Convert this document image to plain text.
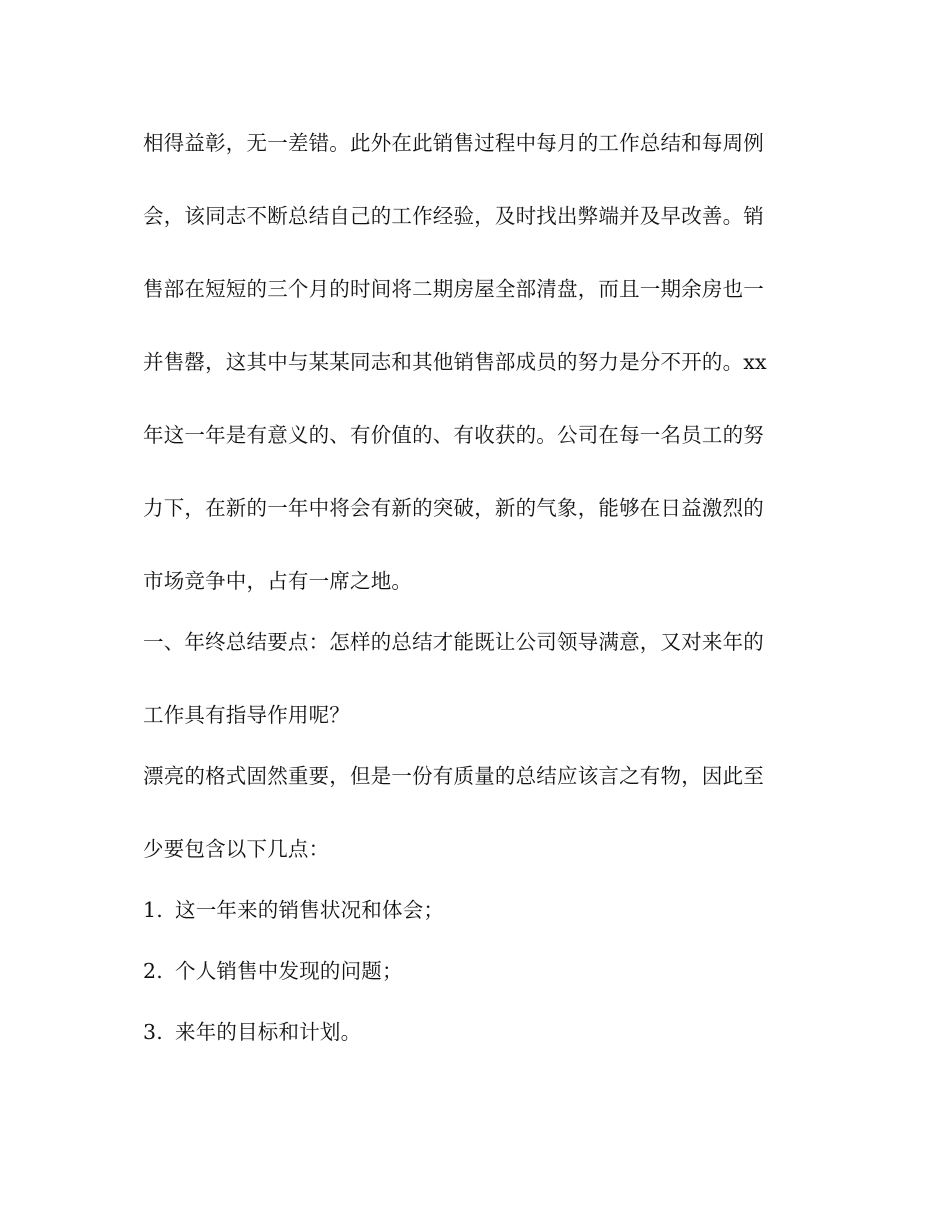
相得益彰，无一差错。此外在此销售过程中每月的工作总结和每周例
会，该同志不断总结自己的工作经验，及时找出弊端并及早改善。销
售部在短短的三个月的时间将二期房屋全部清盘，而且一期余房也一
并售罄，这其中与某某同志和其他销售部成员的努力是分不开的。xx
年这一年是有意义的、有价值的、有收获的。公司在每一名员工的努
力下，在新的一年中将会有新的突破，新的气象，能够在日益激烈的
市场竞争中，占有一席之地。
一、年终总结要点：怎样的总结才能既让公司领导满意，又对来年的
工作具有指导作用呢？
漂亮的格式固然重要，但是一份有质量的总结应该言之有物，因此至
少要包含以下几点：
1. 这一年来的销售状况和体会；
2. 个人销售中发现的问题；
3. 来年的目标和计划。
